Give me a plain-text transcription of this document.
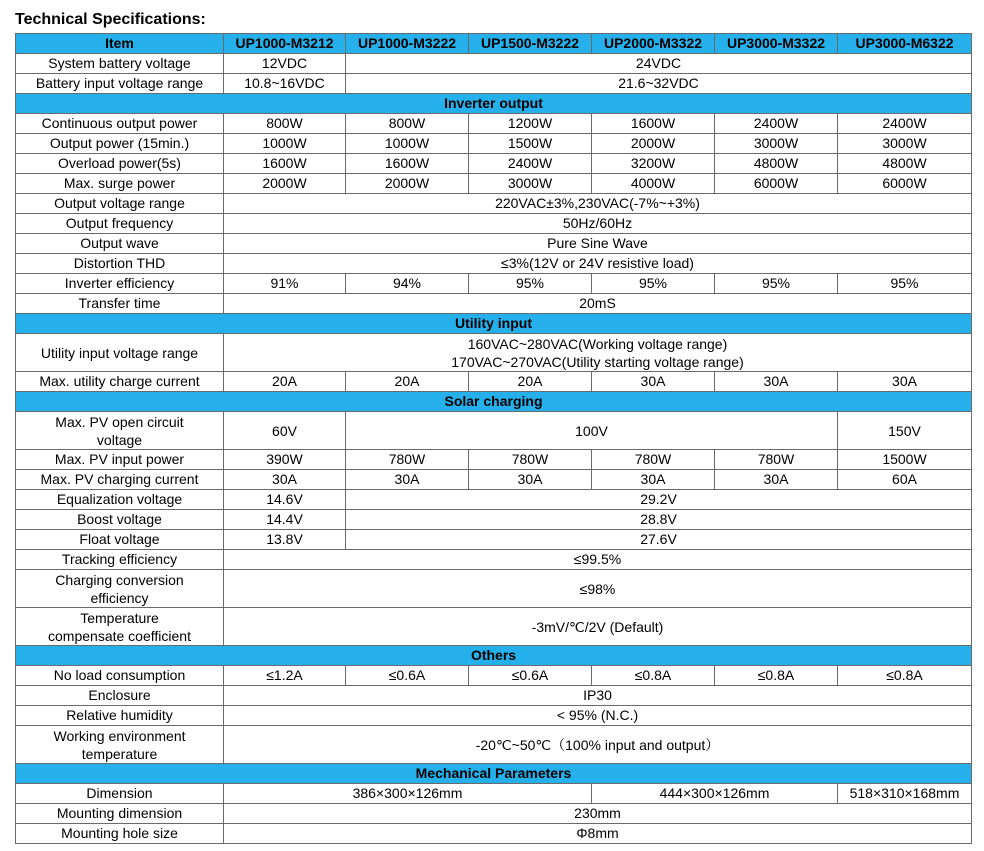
Technical Specifications:
Item	UP1000-M3212	UP1000-M3222	UP1500-M3222	UP2000-M3322	UP3000-M3322	UP3000-M6322
System battery voltage	12VDC	24VDC				
Battery input voltage range	10.8~16VDC	21.6~32VDC				
Inverter output						
Continuous output power	800W	800W	1200W	1600W	2400W	2400W
Output power (15min.)	1000W	1000W	1500W	2000W	3000W	3000W
Overload power(5s)	1600W	1600W	2400W	3200W	4800W	4800W
Max. surge power	2000W	2000W	3000W	4000W	6000W	6000W
Output voltage range	220VAC±3%,230VAC(-7%~+3%)					
Output frequency	50Hz/60Hz					
Output wave	Pure Sine Wave					
Distortion THD	≤3%(12V or 24V resistive load)					
Inverter efficiency	91%	94%	95%	95%	95%	95%
Transfer time	20mS					
Utility input						
Utility input voltage range	160VAC~280VAC(Working voltage range)
170VAC~270VAC(Utility starting voltage range)					

Max. utility charge current	20A	20A	20A	30A	30A	30A
Solar charging						

Max. PV open circuit
voltage	60V	100V				150V
Max. PV input power	390W	780W	780W	780W	780W	1500W
Max. PV charging current	30A	30A	30A	30A	30A	60A
Equalization voltage	14.6V	29.2V				
Boost voltage	14.4V	28.8V				
Float voltage	13.8V	27.6V				
Tracking efficiency	≤99.5%					

Charging conversion
efficiency	≤98%					

Temperature
compensate coefficient	-3mV/℃/2V (Default)					
Others						
No load consumption	≤1.2A	≤0.6A	≤0.6A	≤0.8A	≤0.8A	≤0.8A
Enclosure	IP30					
Relative humidity	< 95% (N.C.)					

Working environment
temperature	-20℃~50℃（100% input and output）					
Mechanical Parameters						
Dimension	386×300×126mm			444×300×126mm		518×310×168mm
Mounting dimension	230mm					
Mounting hole size	Φ8mm					
